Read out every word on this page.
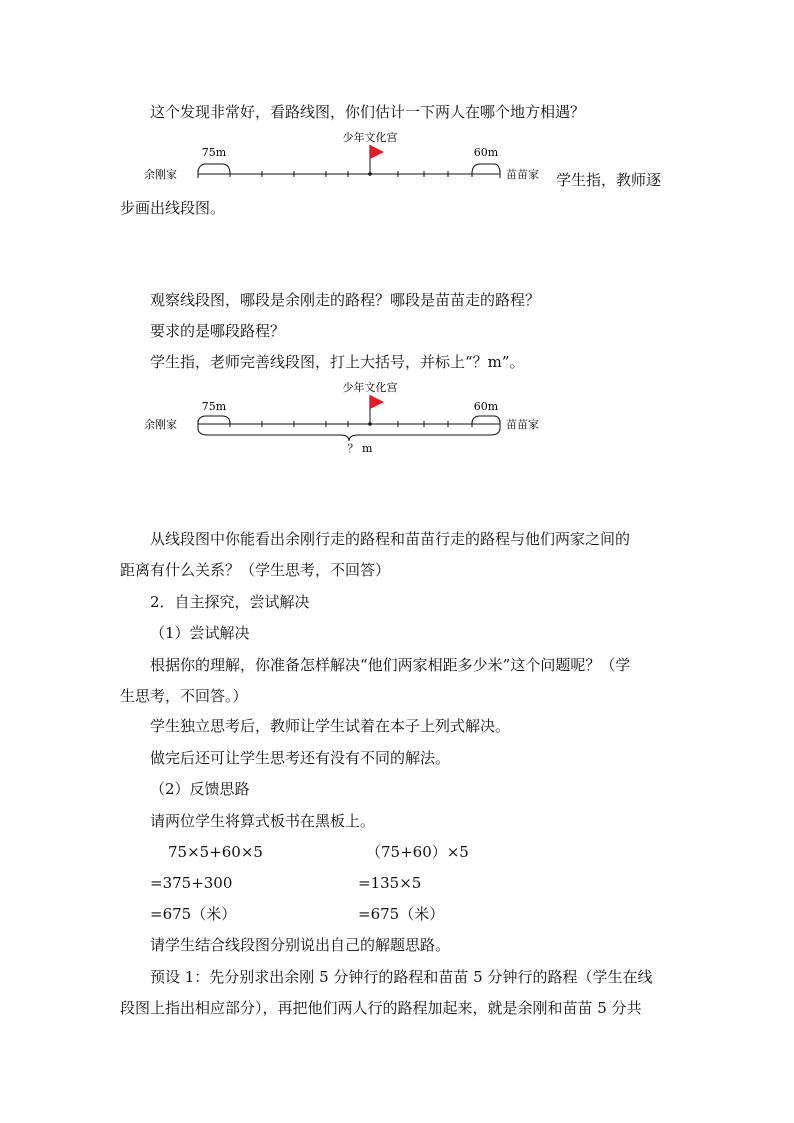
这个发现非常好，看路线图，你们估计一下两人在哪个地方相遇？
少年文化宫
75m	60m
余刚家	苗苗家 学生指，教师逐
步画出线段图。
观察线段图，哪段是余刚走的路程？哪段是苗苗走的路程？
要求的是哪段路程？
学生指，老师完善线段图，打上大括号，并标上“？m”。
少年文化宫
75m	60m
余刚家	苗苗家
？ m
从线段图中你能看出余刚行走的路程和苗苗行走的路程与他们两家之间的
距离有什么关系？（学生思考，不回答）
2．自主探究，尝试解决
（1）尝试解决
根据你的理解，你准备怎样解决“他们两家相距多少米”这个问题呢？（学
生思考，不回答。）
学生独立思考后，教师让学生试着在本子上列式解决。
做完后还可让学生思考还有没有不同的解法。
（2）反馈思路
请两位学生将算式板书在黑板上。
75×5+60×5	（75+60）×5
=375+300	=135×5
=675（米）	=675（米）
请学生结合线段图分别说出自己的解题思路。
预设 1：先分别求出余刚 5 分钟行的路程和苗苗 5 分钟行的路程（学生在线
段图上指出相应部分），再把他们两人行的路程加起来，就是余刚和苗苗 5 分共
